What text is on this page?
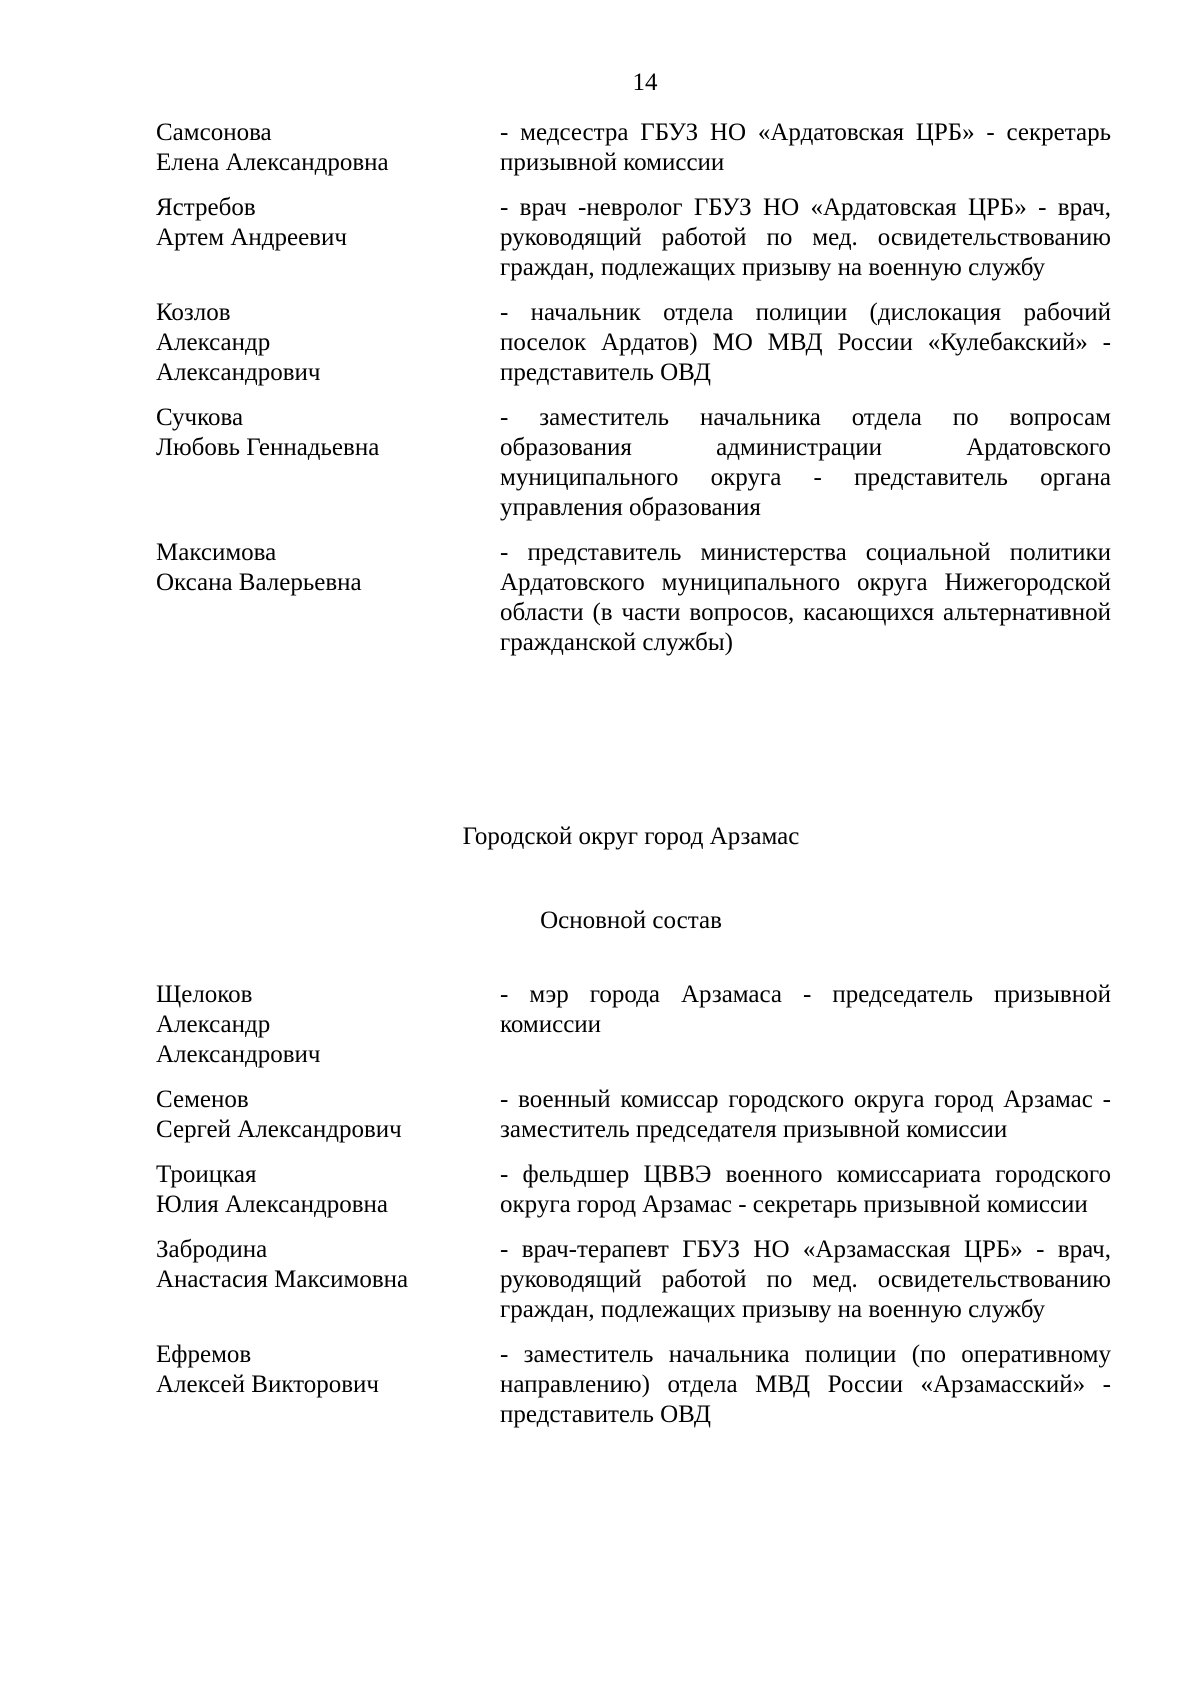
14
Самсонова
Елена Александровна
- медсестра ГБУЗ НО «Ардатовская ЦРБ» - секретарь призывной комиссии
Ястребов
Артем Андреевич
- врач -невролог ГБУЗ НО «Ардатовская ЦРБ» - врач, руководящий работой по мед. освидетельствованию граждан, подлежащих призыву на военную службу
Козлов
Александр
Александрович
- начальник отдела полиции (дислокация рабочий поселок Ардатов) МО МВД России «Кулебакский» - представитель ОВД
Сучкова
Любовь Геннадьевна
- заместитель начальника отдела по вопросам образования администрации Ардатовского муниципального округа - представитель органа управления образования
Максимова
Оксана Валерьевна
- представитель министерства социальной политики Ардатовского муниципального округа Нижегородской области (в части вопросов, касающихся альтернативной гражданской службы)
Городской округ город Арзамас
Основной состав
Щелоков
Александр
Александрович
- мэр города Арзамаса - председатель призывной комиссии
Семенов
Сергей Александрович
- военный комиссар городского округа город Арзамас - заместитель председателя призывной комиссии
Троицкая
Юлия Александровна
- фельдшер ЦВВЭ военного комиссариата городского округа город Арзамас - секретарь призывной комиссии
Забродина
Анастасия Максимовна
- врач-терапевт ГБУЗ НО «Арзамасская ЦРБ» - врач, руководящий работой по мед. освидетельствованию граждан, подлежащих призыву на военную службу
Ефремов
Алексей Викторович
- заместитель начальника полиции (по оперативному направлению) отдела МВД России «Арзамасский» - представитель ОВД
